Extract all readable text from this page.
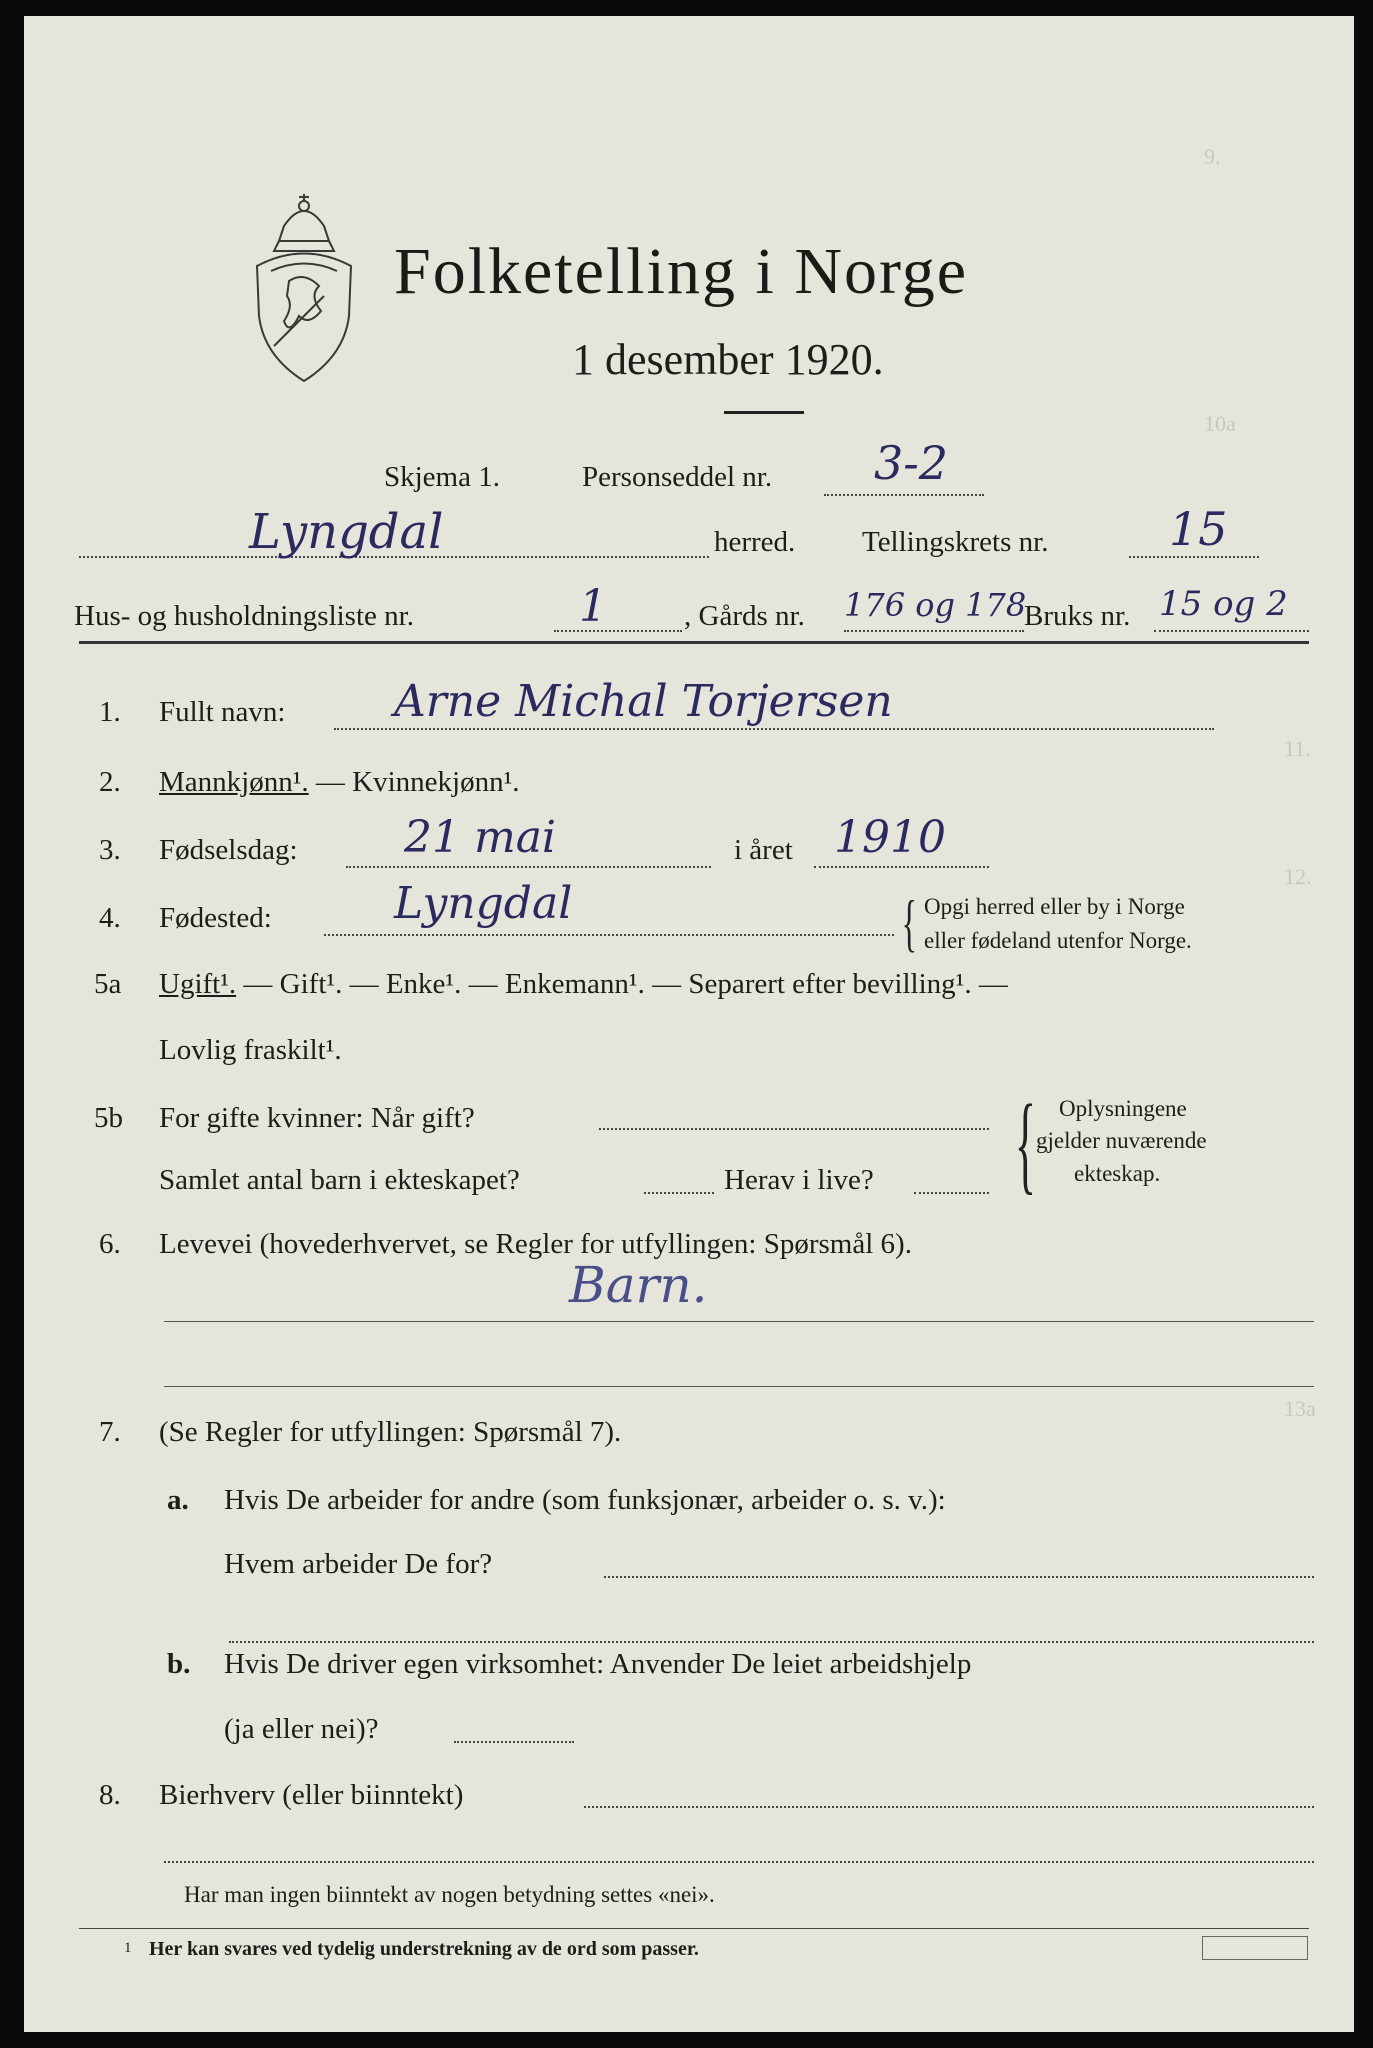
9.
10a
11.
12.
13a
Folketelling i Norge
1 desember 1920.
Skjema 1.	Personseddel nr. 3-2
Lyngdal	herred. Tellingskrets nr.	15
Hus- og husholdningsliste nr.	1	, Gårds nr. 176 og 178
Bruks nr. 15 og 2
1. Fullt navn: Arne Michal Torjersen
2. Mannkjønn¹. — Kvinnekjønn¹.
3. Fødselsdag: 21 mai	i året 1910
4. Fødested:	Lyngdal	{ Opgi herred eller by i Norge
eller fødeland utenfor Norge.
5a Ugift¹. — Gift¹. — Enke¹. — Enkemann¹. — Separert efter bevilling¹. —
Lovlig fraskilt¹.
5b For gifte kvinner: Når gift?
Samlet antal barn i ekteskapet?	Herav i live? { Oplysningene
gjelder nuværende
ekteskap.
6. Levevei (hovederhvervet, se Regler for utfyllingen: Spørsmål 6).
Barn.
7. (Se Regler for utfyllingen: Spørsmål 7).
a. Hvis De arbeider for andre (som funksjonær, arbeider o. s. v.):
Hvem arbeider De for?
b. Hvis De driver egen virksomhet: Anvender De leiet arbeidshjelp
(ja eller nei)?
8. Bierhverv (eller biinntekt)
Har man ingen biinntekt av nogen betydning settes «nei».
1 Her kan svares ved tydelig understrekning av de ord som passer.
